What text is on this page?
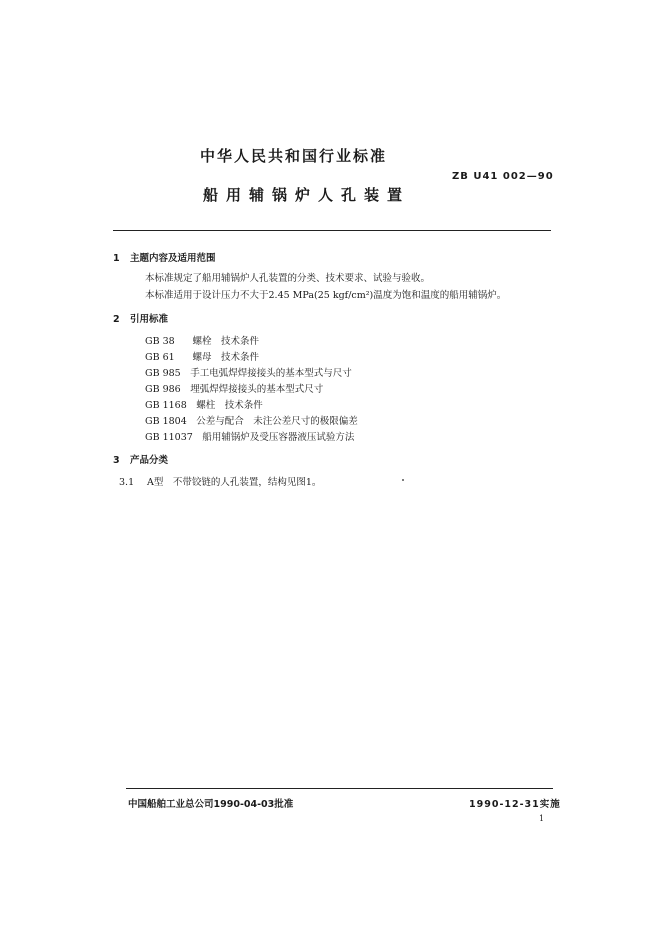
中华人民共和国行业标准
ZB U41 002—90
船用辅锅炉人孔装置
1 主题内容及适用范围
本标准规定了船用辅锅炉人孔装置的分类、技术要求、试验与验收。
本标准适用于设计压力不大于2.45 MPa(25 kgf/cm²)温度为饱和温度的船用辅锅炉。
2 引用标准
GB 38　 螺栓　技术条件
GB 61　 螺母　技术条件
GB 985　 手工电弧焊焊接接头的基本型式与尺寸
GB 986　 埋弧焊焊接接头的基本型式尺寸
GB 1168　 螺柱　技术条件
GB 1804　 公差与配合　未注公差尺寸的极限偏差
GB 11037　 船用辅锅炉及受压容器液压试验方法
3 产品分类
3.1 A型　不带铰链的人孔装置，结构见图1。
中国船舶工业总公司1990-04-03批准	1990-12-31实施
1
